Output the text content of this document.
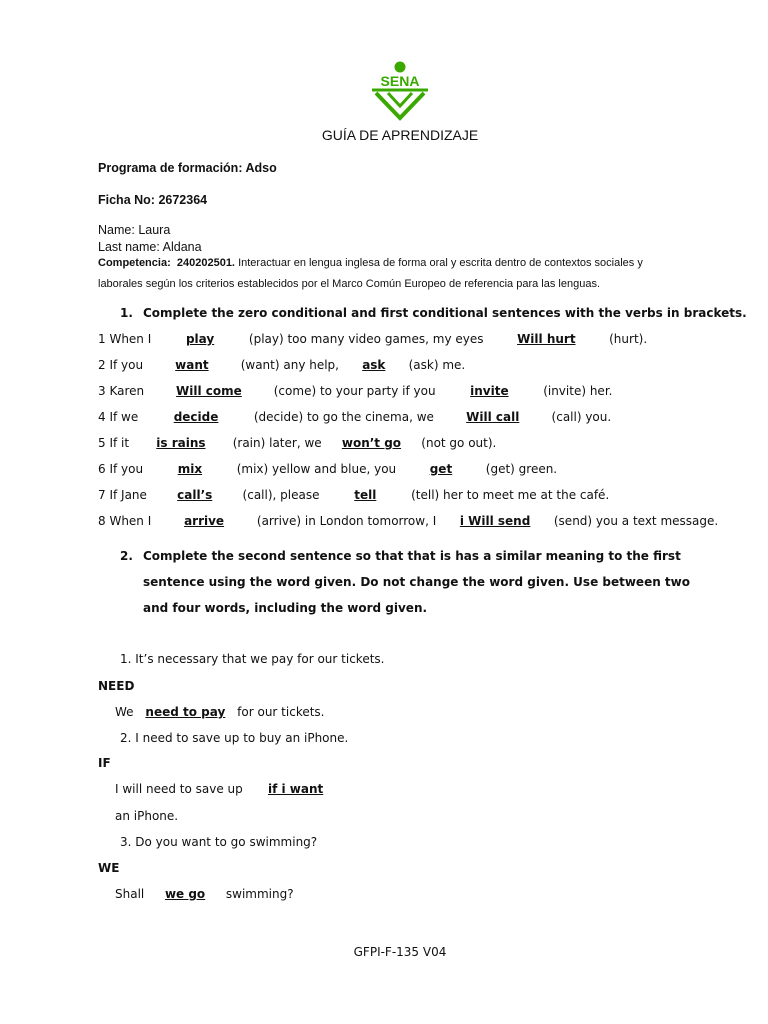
SENA
GUÍA DE APRENDIZAJE
Programa de formación: Adso
Ficha No: 2672364
Name: Laura
Last name: Aldana
Competencia: 240202501. Interactuar en lengua inglesa de forma oral y escrita dentro de contextos sociales y laborales según los criterios establecidos por el Marco Común Europeo de referencia para las lenguas.
1. Complete the zero conditional and first conditional sentences with the verbs in brackets.
1 When I	play	(play) too many video games, my eyes Will hurt (hurt).
2 If you want (want) any help, ask (ask) me.
3 Karen Will come (come) to your party if you	invite	(invite) her.
4 If we	decide	(decide) to go the cinema, we Will call (call) you.
5 If it is rains (rain) later, we won’t go (not go out).
6 If you	mix	(mix) yellow and blue, you get (get) green.
7 If Jane call’s (call), please	tell	(tell) her to meet me at the café.
8 When I arrive (arrive) in London tomorrow, I i Will send (send) you a text message.
2. Complete the second sentence so that that is has a similar meaning to the first sentence using the word given. Do not change the word given. Use between two and four words, including the word given.
1. It’s necessary that we pay for our tickets.
NEED
We need to pay for our tickets.
2. I need to save up to buy an iPhone.
IF
I will need to save up if i want
an iPhone.
3. Do you want to go swimming?
WE
Shall we go swimming?
GFPI-F-135 V04
